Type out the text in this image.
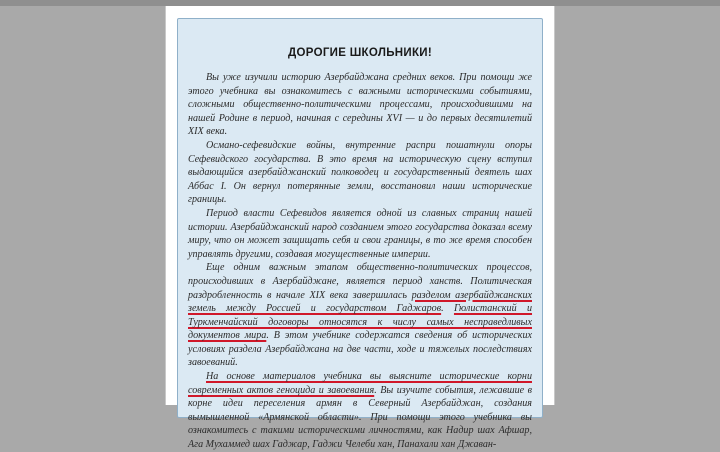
ДОРОГИЕ ШКОЛЬНИКИ!

Вы уже изучили историю Азербайджана средних веков. При помощи же этого учебника вы ознакомитесь с важными историческими событиями, сложными общественно-политическими процессами, происходившими на нашей Родине в период, начиная с середины XVI — и до первых десятилетий XIX века.

Османо-сефевидские войны, внутренние распри пошатнули опоры Сефевидского государства. В это время на историческую сцену вступил выдающийся азербайджанский полководец и государственный деятель шах Аббас I. Он вернул потерянные земли, восстановил наши исторические границы.

Период власти Сефевидов является одной из славных страниц нашей истории. Азербайджанский народ созданием этого государства доказал всему миру, что он может защищать себя и свои границы, в то же время способен управлять другими, создавая могущественные империи.

Еще одним важным этапом общественно-политических процессов, происходивших в Азербайджане, является период ханств. Политическая раздробленность в начале XIX века завершилась разделом азербайджанских земель между Россией и государством Гаджаров. Гюлистанский и Туркменчайский договоры относятся к числу самых несправедливых документов мира. В этом учебнике содержатся сведения об исторических условиях раздела Азербайджана на две части, ходе и тяжелых последствиях завоеваний.

На основе материалов учебника вы выясните исторические корни современных актов геноцида и завоевания. Вы изучите события, лежавшие в корне идеи переселения армян в Северный Азербайджан, создания вымышленной «Армянской области». При помощи этого учебника вы ознакомитесь с такими историческими личностями, как Надир шах Афшар, Ага Мухаммед шах Гаджар, Гаджи Челеби хан, Панахали хан Джаван-
